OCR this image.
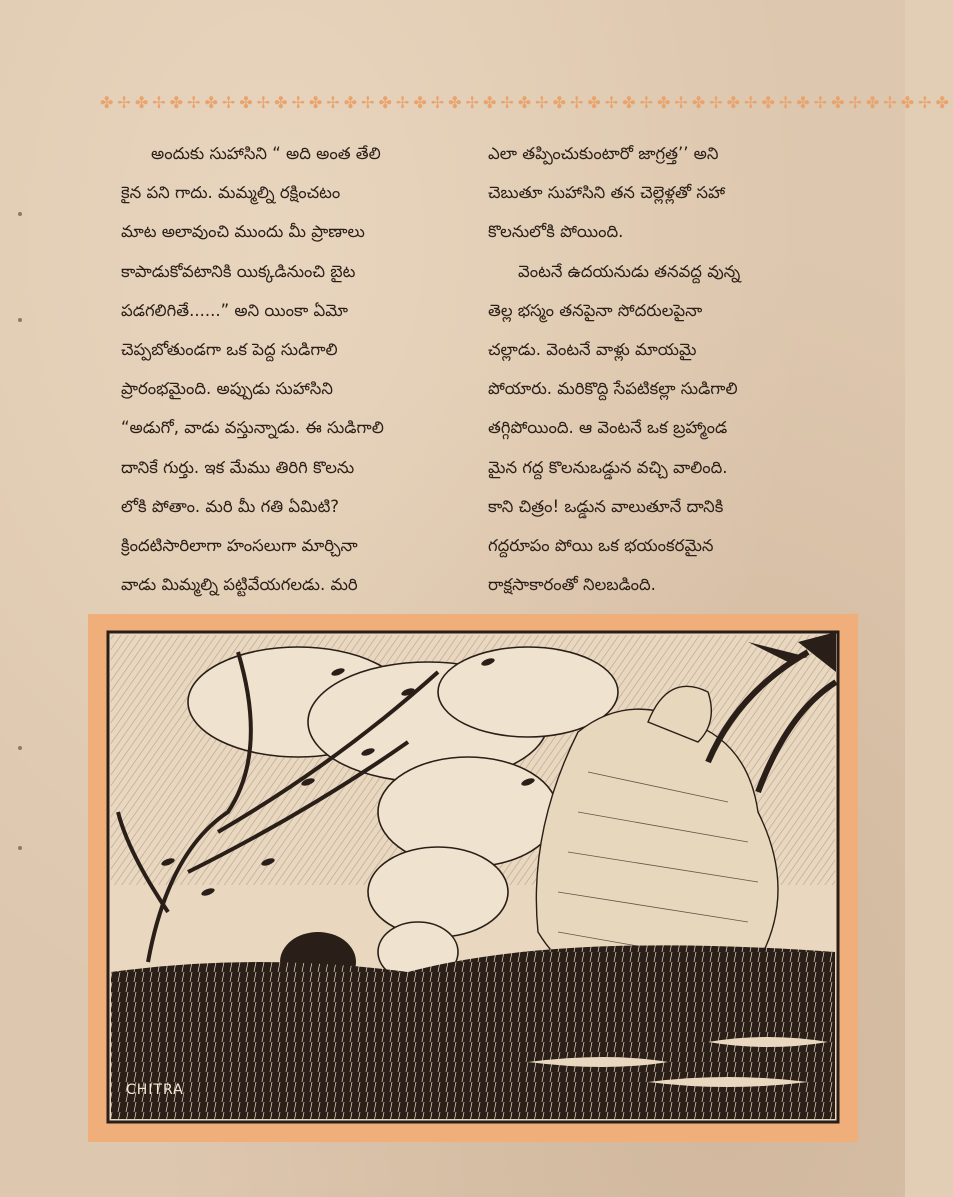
✤✢✤✢✤✢✤✢✤✢✤✢✤✢✤✢✤✢✤✢✤✢✤✢✤✢✤✢✤✢✤✢✤✢✤✢✤✢✤✢✤✢✤✢✤✢✤✢✤
అందుకు సుహాసిని “ అది అంత తేలి
కైన పని గాదు. మమ్మల్ని రక్షించటం
మాట అలావుంచి ముందు మీ ప్రాణాలు
కాపాడుకోవటానికి యిక్కడినుంచి బైట
పడగలిగితే......” అని యింకా ఏమో
చెప్పబోతుండగా ఒక పెద్ద సుడిగాలి
ప్రారంభమైంది. అప్పుడు సుహాసిని
“అడుగో, వాడు వస్తున్నాడు. ఈ సుడిగాలి
దానికే గుర్తు. ఇక మేము తిరిగి కొలను
లోకి పోతాం. మరి మీ గతి ఏమిటి?
క్రిందటిసారిలాగా హంసలుగా మార్చినా
వాడు మిమ్మల్ని పట్టివేయగలడు. మరి
ఎలా తప్పించుకుంటారో జాగ్రత్త’’ అని
చెబుతూ సుహాసిని తన చెల్లెళ్లతో సహా
కొలనులోకి పోయింది.
వెంటనే ఉదయనుడు తనవద్ద వున్న
తెల్ల భస్మం తనపైనా సోదరులపైనా
చల్లాడు. వెంటనే వాళ్లు మాయమై
పోయారు. మరికొద్ది సేపటికల్లా సుడిగాలి
తగ్గిపోయింది. ఆ వెంటనే ఒక బ్రహ్మాండ
మైన గద్ద కొలనుఒడ్డున వచ్చి వాలింది.
కాని చిత్రం! ఒడ్డున వాలుతూనే దానికి
గద్దరూపం పోయి ఒక భయంకరమైన
రాక్షసాకారంతో నిలబడింది.
CHITRA
